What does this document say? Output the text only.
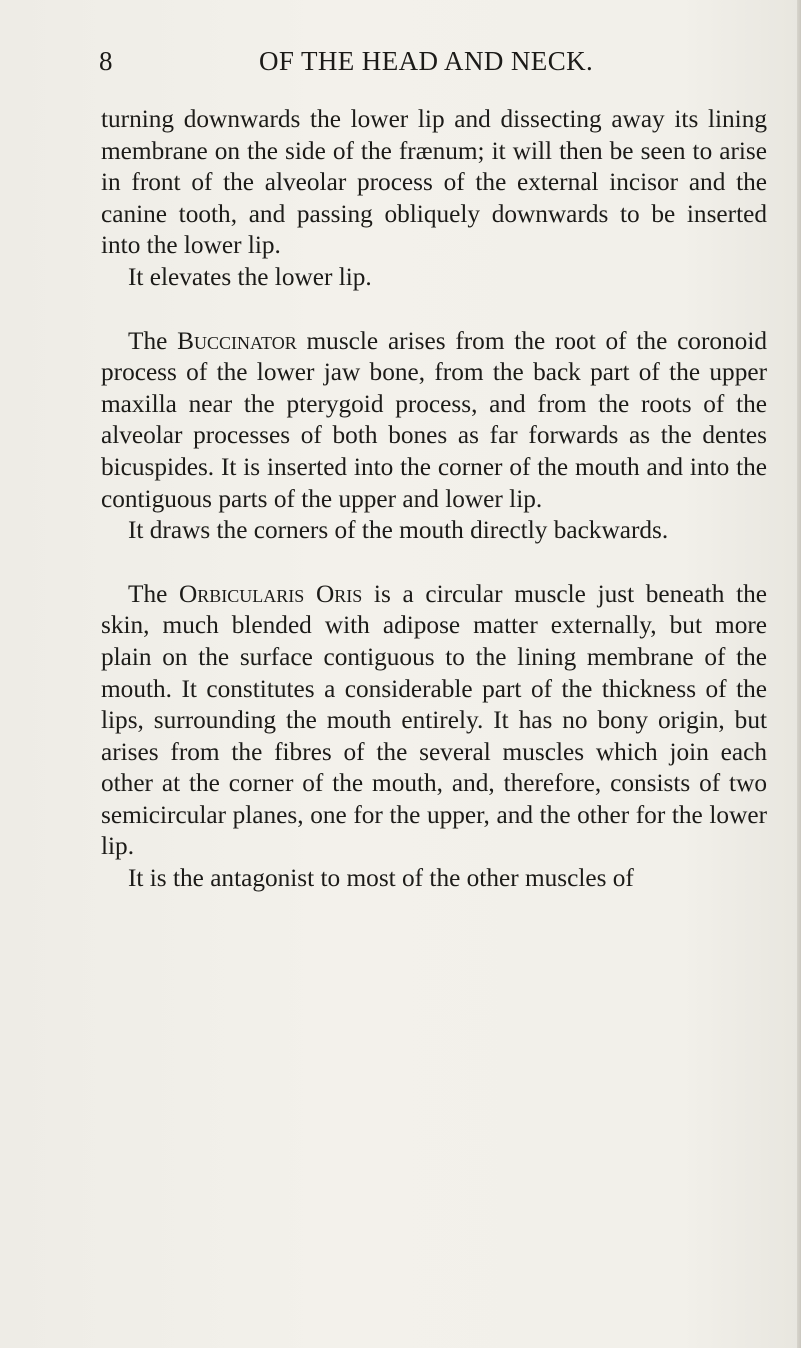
8	OF THE HEAD AND NECK.

turning downwards the lower lip and dissecting away its lining membrane on the side of the frænum; it will then be seen to arise in front of the alveolar process of the external incisor and the canine tooth, and passing obliquely downwards to be inserted into the lower lip.

It elevates the lower lip.

The Buccinator muscle arises from the root of the coronoid process of the lower jaw bone, from the back part of the upper maxilla near the pterygoid process, and from the roots of the alveolar processes of both bones as far forwards as the dentes bicuspides. It is inserted into the corner of the mouth and into the contiguous parts of the upper and lower lip.

It draws the corners of the mouth directly backwards.

The Orbicularis Oris is a circular muscle just beneath the skin, much blended with adipose matter externally, but more plain on the surface contiguous to the lining membrane of the mouth. It constitutes a considerable part of the thickness of the lips, surrounding the mouth entirely. It has no bony origin, but arises from the fibres of the several muscles which join each other at the corner of the mouth, and, therefore, consists of two semicircular planes, one for the upper, and the other for the lower lip.

It is the antagonist to most of the other muscles of
